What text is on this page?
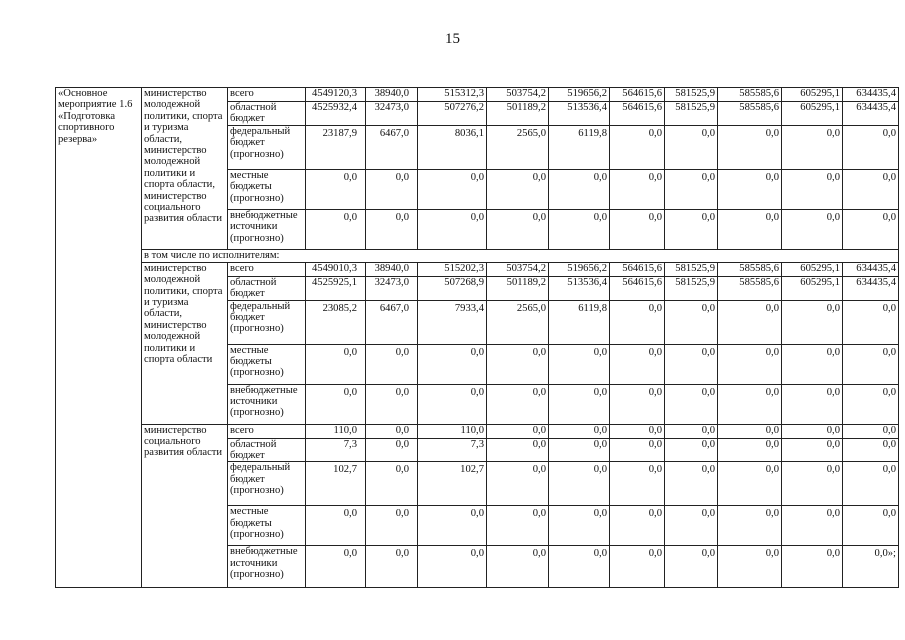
15
«Основное мероприятие 1.6 «Подготовка спортивного резерва»	министерство молодежной политики, спорта и туризма области, министерство молодежной политики и спорта области, министерство социального развития области	всего	4549120,3	38940,0	515312,3	503754,2	519656,2	564615,6	581525,9	585585,6	605295,1	634435,4
		областной бюджет	4525932,4	32473,0	507276,2	501189,2	513536,4	564615,6	581525,9	585585,6	605295,1	634435,4
		федеральный бюджет (прогнозно)	23187,9	6467,0	8036,1	2565,0	6119,8	0,0	0,0	0,0	0,0	0,0
		местные бюджеты (прогнозно)	0,0	0,0	0,0	0,0	0,0	0,0	0,0	0,0	0,0	0,0
		внебюджетные источники (прогнозно)	0,0	0,0	0,0	0,0	0,0	0,0	0,0	0,0	0,0	0,0
	в том числе по исполнителям:											
	министерство молодежной политики, спорта и туризма области, министерство молодежной политики и спорта области	всего	4549010,3	38940,0	515202,3	503754,2	519656,2	564615,6	581525,9	585585,6	605295,1	634435,4
		областной бюджет	4525925,1	32473,0	507268,9	501189,2	513536,4	564615,6	581525,9	585585,6	605295,1	634435,4
		федеральный бюджет (прогнозно)	23085,2	6467,0	7933,4	2565,0	6119,8	0,0	0,0	0,0	0,0	0,0
		местные бюджеты (прогнозно)	0,0	0,0	0,0	0,0	0,0	0,0	0,0	0,0	0,0	0,0
		внебюджетные источники (прогнозно)	0,0	0,0	0,0	0,0	0,0	0,0	0,0	0,0	0,0	0,0
	министерство социального развития области	всего	110,0	0,0	110,0	0,0	0,0	0,0	0,0	0,0	0,0	0,0
		областной бюджет	7,3	0,0	7,3	0,0	0,0	0,0	0,0	0,0	0,0	0,0
		федеральный бюджет (прогнозно)	102,7	0,0	102,7	0,0	0,0	0,0	0,0	0,0	0,0	0,0
		местные бюджеты (прогнозно)	0,0	0,0	0,0	0,0	0,0	0,0	0,0	0,0	0,0	0,0
		внебюджетные источники (прогнозно)	0,0	0,0	0,0	0,0	0,0	0,0	0,0	0,0	0,0	0,0»;
